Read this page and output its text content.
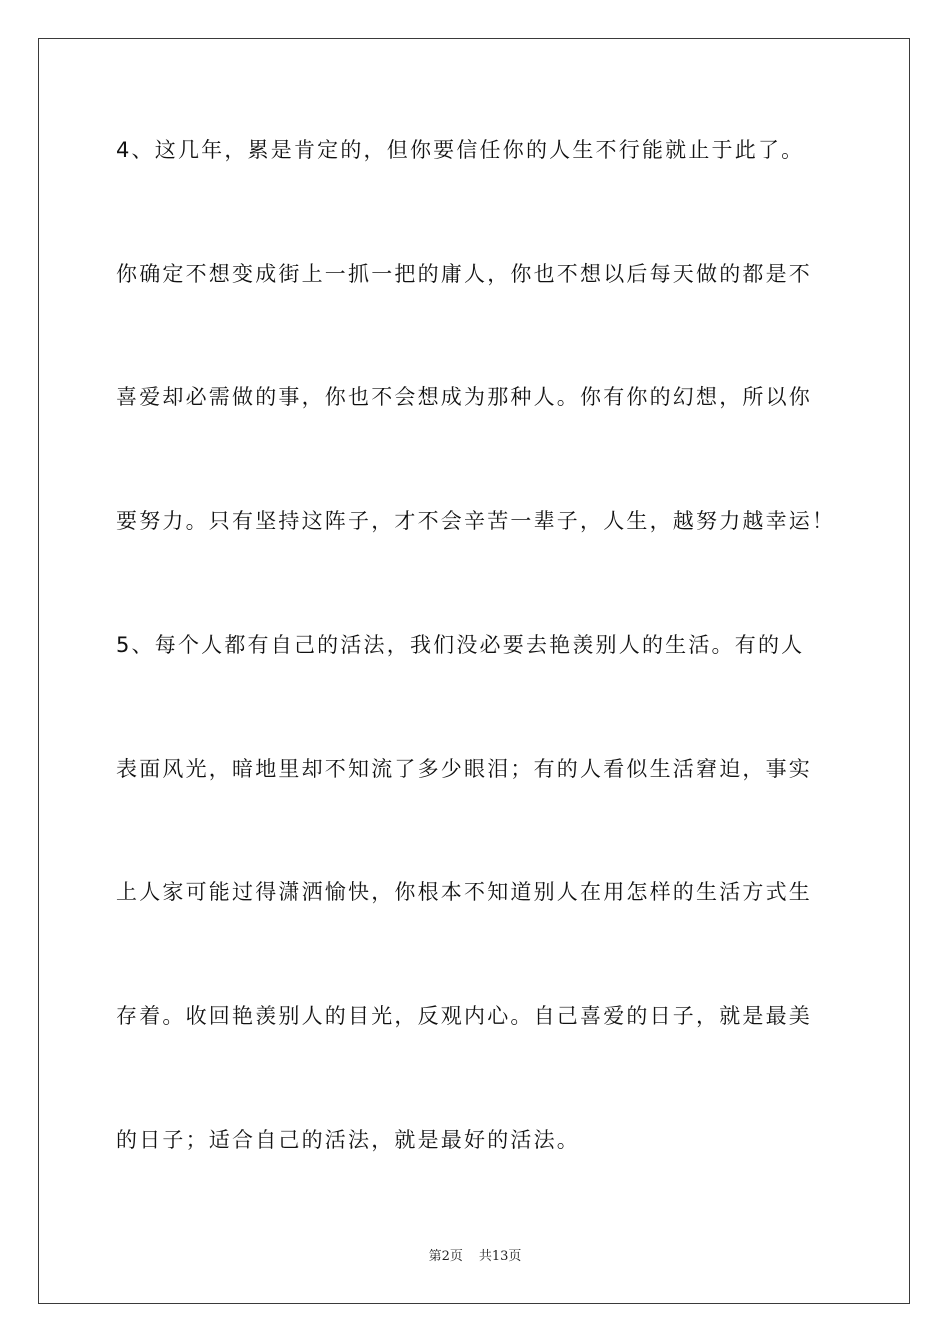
4、这几年，累是肯定的，但你要信任你的人生不行能就止于此了。
你确定不想变成街上一抓一把的庸人，你也不想以后每天做的都是不
喜爱却必需做的事，你也不会想成为那种人。你有你的幻想，所以你
要努力。只有坚持这阵子，才不会辛苦一辈子，人生，越努力越幸运！
5、每个人都有自己的活法，我们没必要去艳羡别人的生活。有的人
表面风光，暗地里却不知流了多少眼泪；有的人看似生活窘迫，事实
上人家可能过得潇洒愉快，你根本不知道别人在用怎样的生活方式生
存着。收回艳羡别人的目光，反观内心。自己喜爱的日子，就是最美
的日子；适合自己的活法，就是最好的活法。
第2页 共13页
